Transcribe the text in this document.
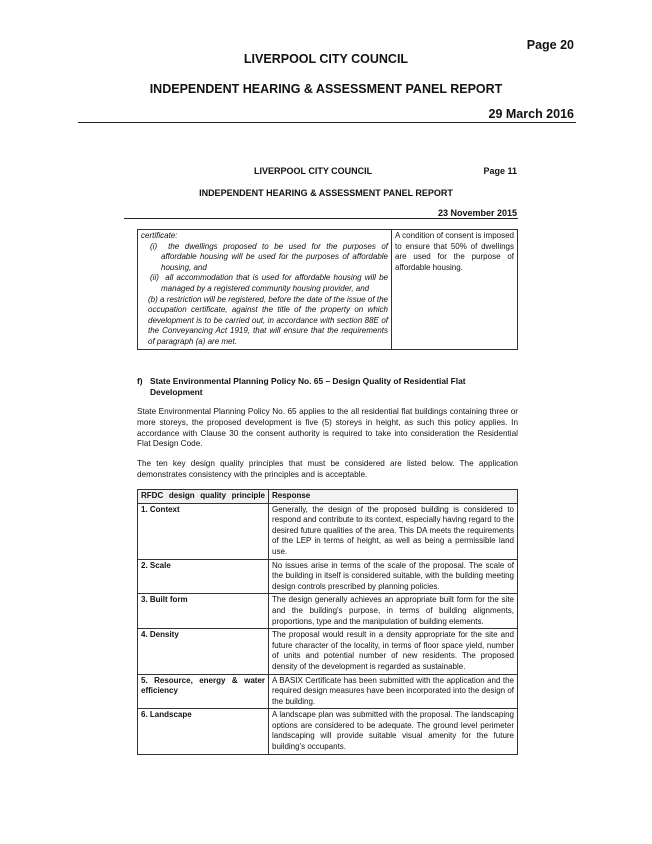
Page 20
LIVERPOOL CITY COUNCIL
INDEPENDENT HEARING & ASSESSMENT PANEL REPORT
29 March 2016
LIVERPOOL CITY COUNCIL	Page 11
INDEPENDENT HEARING & ASSESSMENT PANEL REPORT
23 November 2015
certificate:
(i) the dwellings proposed to be used for the purposes of affordable housing will be used for the purposes of affordable housing, and
(ii) all accommodation that is used for affordable housing will be managed by a registered community housing provider, and
(b) a restriction will be registered, before the date of the issue of the occupation certificate, against the title of the property on which development is to be carried out, in accordance with section 88E of the Conveyancing Act 1919, that will ensure that the requirements of paragraph (a) are met.
	A condition of consent is imposed to ensure that 50% of dwellings are used for the purpose of affordable housing.
f) State Environmental Planning Policy No. 65 – Design Quality of Residential Flat Development
State Environmental Planning Policy No. 65 applies to the all residential flat buildings containing three or more storeys, the proposed development is five (5) storeys in height, as such this policy applies. In accordance with Clause 30 the consent authority is required to take into consideration the Residential Flat Design Code.
The ten key design quality principles that must be considered are listed below. The application demonstrates consistency with the principles and is acceptable.
RFDC design quality principle	Response
1. Context	Generally, the design of the proposed building is considered to respond and contribute to its context, especially having regard to the desired future qualities of the area. This DA meets the requirements of the LEP in terms of height, as well as being a permissible land use.
2. Scale	No issues arise in terms of the scale of the proposal. The scale of the building in itself is considered suitable, with the building meeting design controls prescribed by planning policies.
3. Built form	The design generally achieves an appropriate built form for the site and the building's purpose, in terms of building alignments, proportions, type and the manipulation of building elements.
4. Density	The proposal would result in a density appropriate for the site and future character of the locality, in terms of floor space yield, number of units and potential number of new residents. The proposed density of the development is regarded as sustainable.
5. Resource, energy & water efficiency	A BASIX Certificate has been submitted with the application and the required design measures have been incorporated into the design of the building.
6. Landscape	A landscape plan was submitted with the proposal. The landscaping options are considered to be adequate. The ground level perimeter landscaping will provide suitable visual amenity for the future building's occupants.
